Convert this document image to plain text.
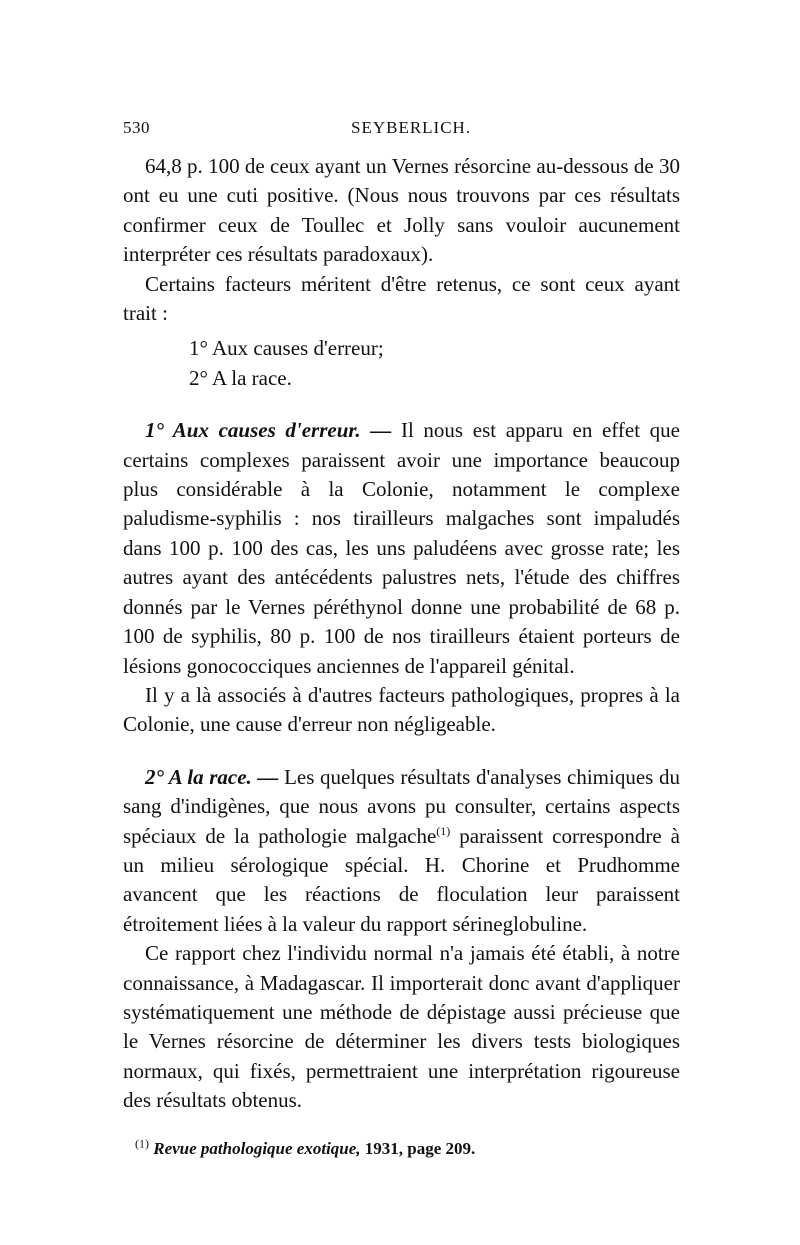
530	SEYBERLICH.

64,8 p. 100 de ceux ayant un Vernes résorcine au-dessous de 30 ont eu une cuti positive. (Nous nous trouvons par ces résultats confirmer ceux de Toullec et Jolly sans vouloir aucunement interpréter ces résultats paradoxaux).

Certains facteurs méritent d'être retenus, ce sont ceux ayant trait :

1° Aux causes d'erreur;
2° A la race.

1° Aux causes d'erreur. — Il nous est apparu en effet que certains complexes paraissent avoir une importance beaucoup plus considérable à la Colonie, notamment le complexe paludisme-syphilis : nos tirailleurs malgaches sont impaludés dans 100 p. 100 des cas, les uns paludéens avec grosse rate; les autres ayant des antécédents palustres nets, l'étude des chiffres donnés par le Vernes péréthynol donne une probabilité de 68 p. 100 de syphilis, 80 p. 100 de nos tirailleurs étaient porteurs de lésions gonococciques anciennes de l'appareil génital.

Il y a là associés à d'autres facteurs pathologiques, propres à la Colonie, une cause d'erreur non négligeable.

2° A la race. — Les quelques résultats d'analyses chimiques du sang d'indigènes, que nous avons pu consulter, certains aspects spéciaux de la pathologie malgache$^{(1)}$ paraissent correspondre à un milieu sérologique spécial. H. Chorine et Prudhomme avancent que les réactions de floculation leur paraissent étroitement liées à la valeur du rapport sérineglobuline.

Ce rapport chez l'individu normal n'a jamais été établi, à notre connaissance, à Madagascar. Il importerait donc avant d'appliquer systématiquement une méthode de dépistage aussi précieuse que le Vernes résorcine de déterminer les divers tests biologiques normaux, qui fixés, permettraient une interprétation rigoureuse des résultats obtenus.

$^{(1)}$ Revue pathologique exotique, 1931, page 209.
